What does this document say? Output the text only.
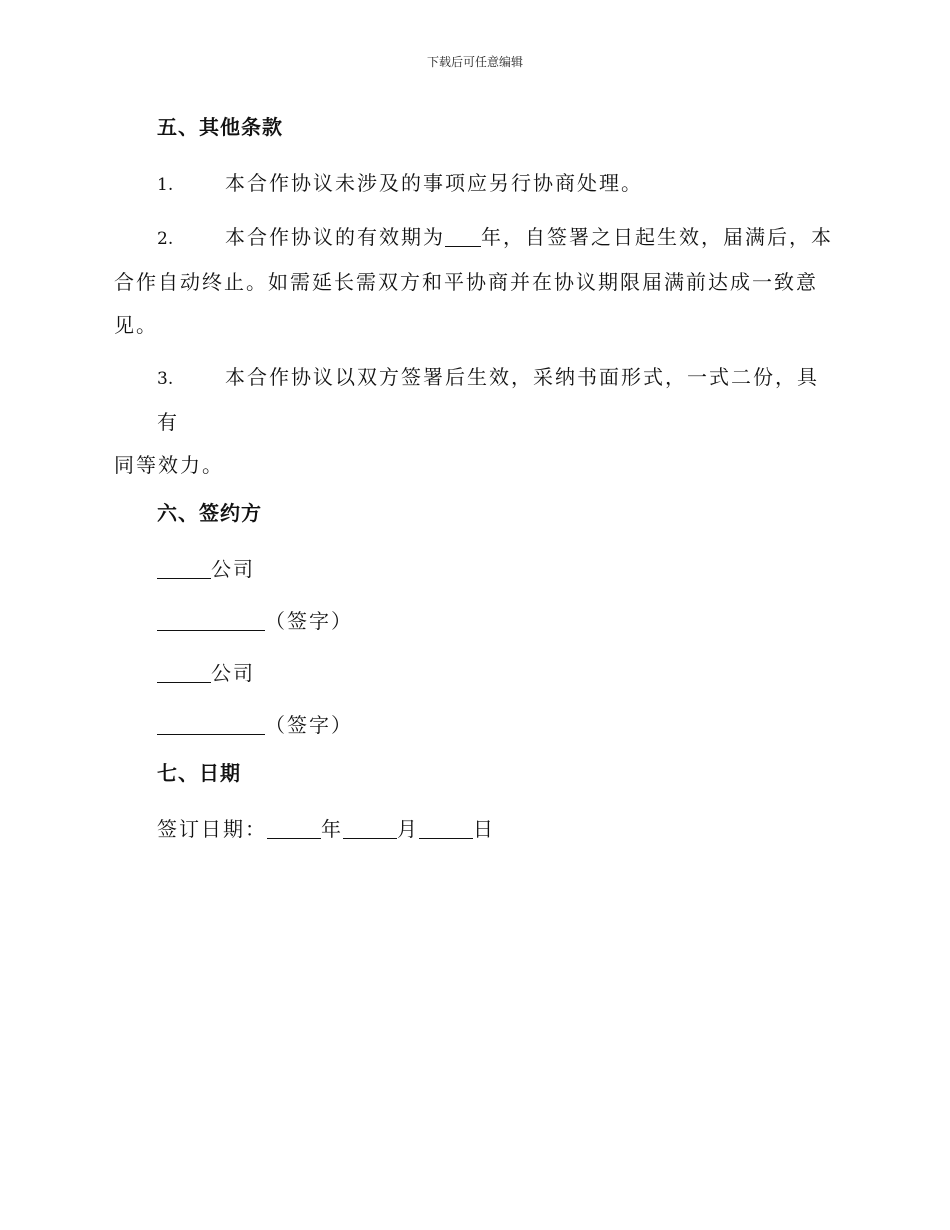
下载后可任意编辑
五、其他条款
1.	本合作协议未涉及的事项应另行协商处理。
2.	本合作协议的有效期为 年，自签署之日起生效，届满后，本
合作自动终止。如需延长需双方和平协商并在协议期限届满前达成一致意
见。
3.	本合作协议以双方签署后生效，采纳书面形式，一式二份，具有
同等效力。
六、签约方
公司
（签字）
公司
（签字）
七、日期
签订日期：	年	月	日
